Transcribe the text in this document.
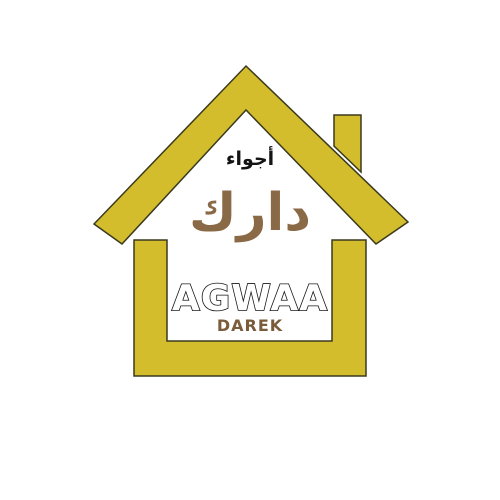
أجواء
دارك
AGWAA
DAREK
